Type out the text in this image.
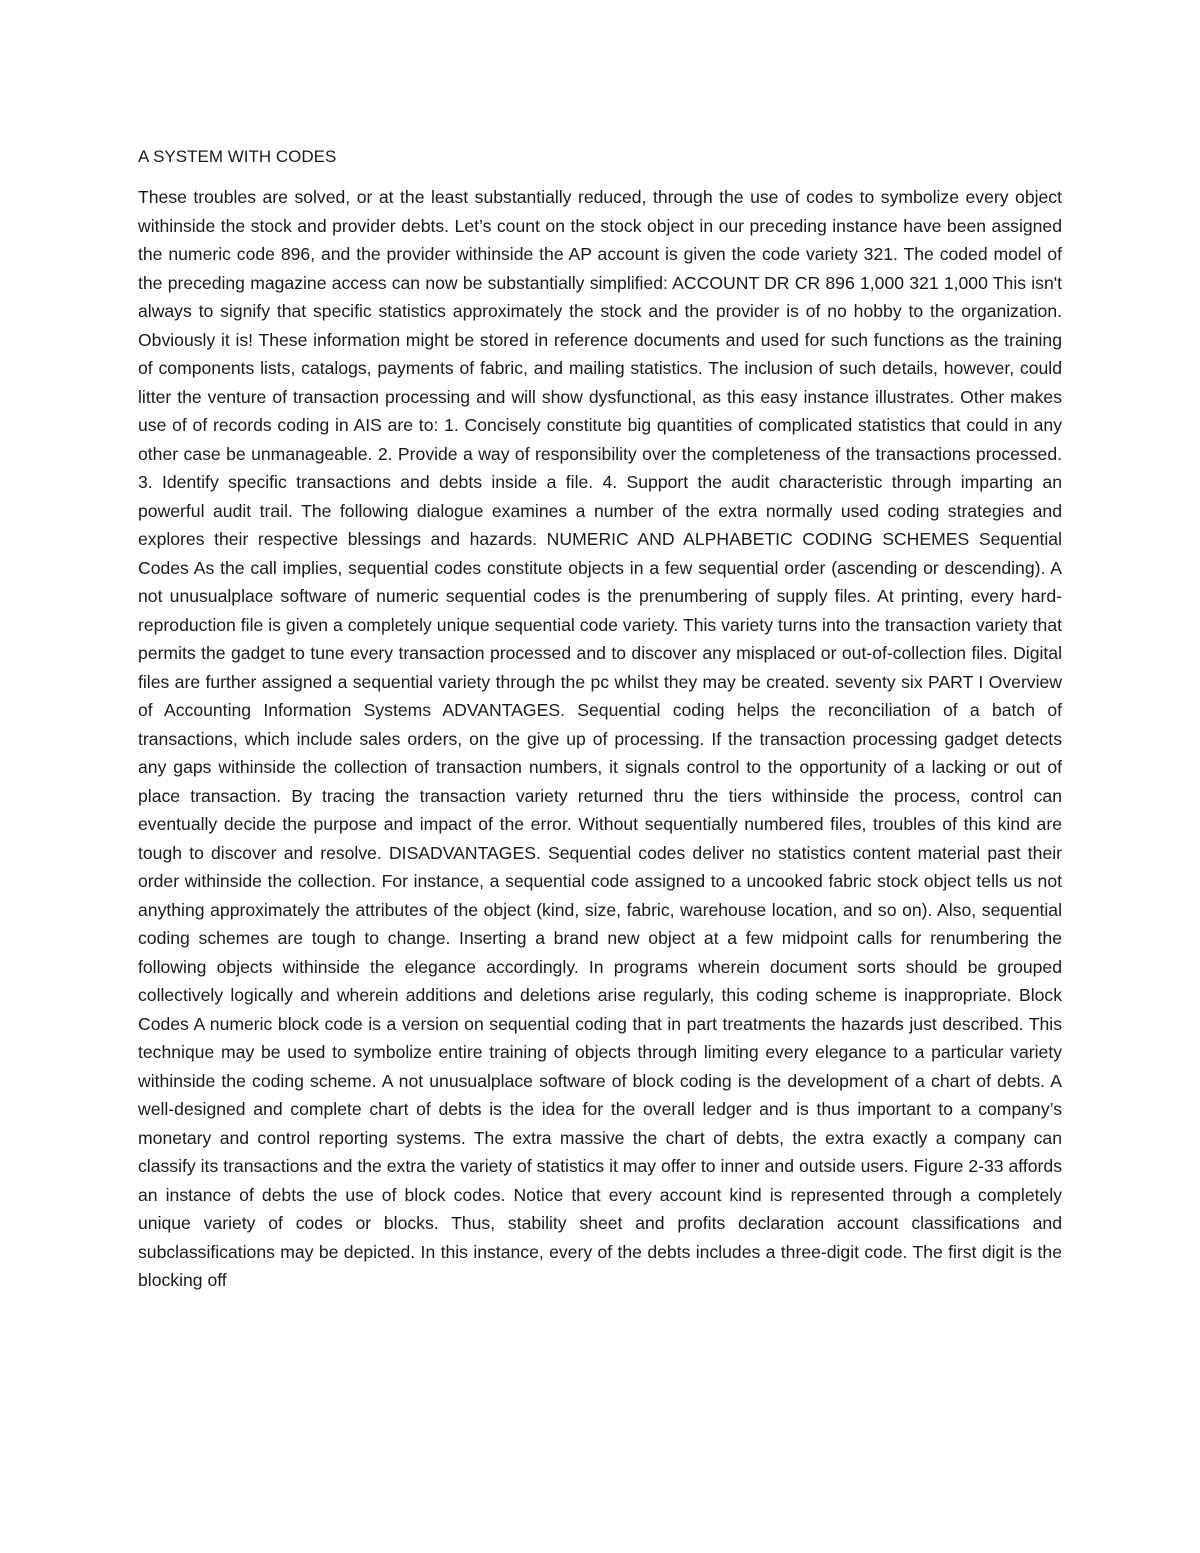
A SYSTEM WITH CODES

These troubles are solved, or at the least substantially reduced, through the use of codes to symbolize every object withinside the stock and provider debts. Let’s count on the stock object in our preceding instance have been assigned the numeric code 896, and the provider withinside the AP account is given the code variety 321. The coded model of the preceding magazine access can now be substantially simplified: ACCOUNT DR CR 896 1,000 321 1,000 This isn't always to signify that specific statistics approximately the stock and the provider is of no hobby to the organization. Obviously it is! These information might be stored in reference documents and used for such functions as the training of components lists, catalogs, payments of fabric, and mailing statistics. The inclusion of such details, however, could litter the venture of transaction processing and will show dysfunctional, as this easy instance illustrates. Other makes use of of records coding in AIS are to: 1. Concisely constitute big quantities of complicated statistics that could in any other case be unmanageable. 2. Provide a way of responsibility over the completeness of the transactions processed. 3. Identify specific transactions and debts inside a file. 4. Support the audit characteristic through imparting an powerful audit trail. The following dialogue examines a number of the extra normally used coding strategies and explores their respective blessings and hazards. NUMERIC AND ALPHABETIC CODING SCHEMES Sequential Codes As the call implies, sequential codes constitute objects in a few sequential order (ascending or descending). A not unusualplace software of numeric sequential codes is the prenumbering of supply files. At printing, every hard-reproduction file is given a completely unique sequential code variety. This variety turns into the transaction variety that permits the gadget to tune every transaction processed and to discover any misplaced or out-of-collection files. Digital files are further assigned a sequential variety through the pc whilst they may be created. seventy six PART I Overview of Accounting Information Systems ADVANTAGES. Sequential coding helps the reconciliation of a batch of transactions, which include sales orders, on the give up of processing. If the transaction processing gadget detects any gaps withinside the collection of transaction numbers, it signals control to the opportunity of a lacking or out of place transaction. By tracing the transaction variety returned thru the tiers withinside the process, control can eventually decide the purpose and impact of the error. Without sequentially numbered files, troubles of this kind are tough to discover and resolve. DISADVANTAGES. Sequential codes deliver no statistics content material past their order withinside the collection. For instance, a sequential code assigned to a uncooked fabric stock object tells us not anything approximately the attributes of the object (kind, size, fabric, warehouse location, and so on). Also, sequential coding schemes are tough to change. Inserting a brand new object at a few midpoint calls for renumbering the following objects withinside the elegance accordingly. In programs wherein document sorts should be grouped collectively logically and wherein additions and deletions arise regularly, this coding scheme is inappropriate. Block Codes A numeric block code is a version on sequential coding that in part treatments the hazards just described. This technique may be used to symbolize entire training of objects through limiting every elegance to a particular variety withinside the coding scheme. A not unusualplace software of block coding is the development of a chart of debts. A well-designed and complete chart of debts is the idea for the overall ledger and is thus important to a company’s monetary and control reporting systems. The extra massive the chart of debts, the extra exactly a company can classify its transactions and the extra the variety of statistics it may offer to inner and outside users. Figure 2-33 affords an instance of debts the use of block codes. Notice that every account kind is represented through a completely unique variety of codes or blocks. Thus, stability sheet and profits declaration account classifications and subclassifications may be depicted. In this instance, every of the debts includes a three-digit code. The first digit is the blocking off
